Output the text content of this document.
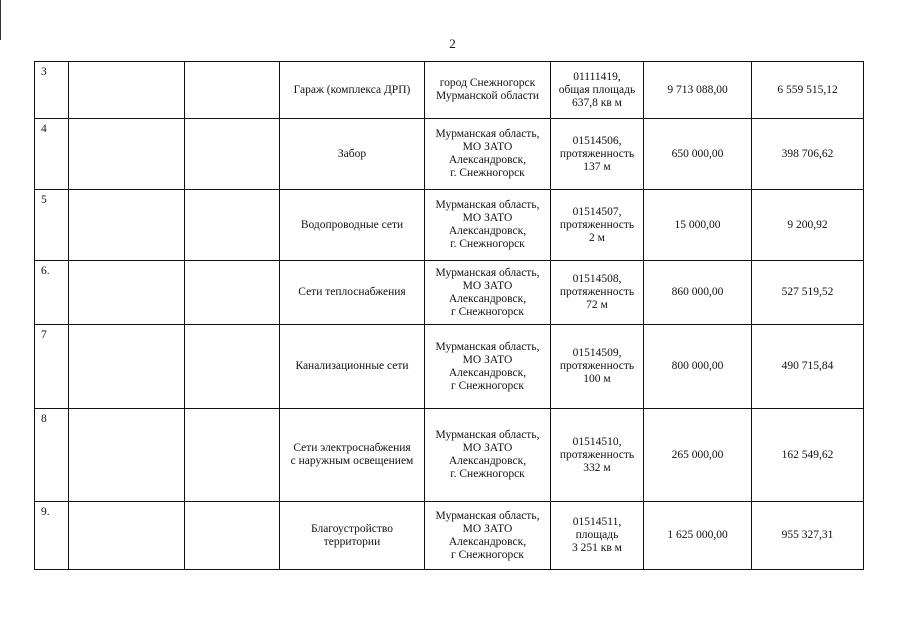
2
3			Гараж (комплекса ДРП)	город Снежногорск
Мурманской области	01111419,
общая площадь
637,8 кв м	9 713 088,00	6 559 515,12
4			Забор	Мурманская область,
МО ЗАТО
Александровск,
г. Снежногорск	01514506,
протяженность
137 м	650 000,00	398 706,62
5			Водопроводные сети	Мурманская область,
МО ЗАТО
Александровск,
г. Снежногорск	01514507,
протяженность
2 м	15 000,00	9 200,92
6.			Сети теплоснабжения	Мурманская область,
МО ЗАТО
Александровск,
г Снежногорск	01514508,
протяженность
72 м	860 000,00	527 519,52
7			Канализационные сети	Мурманская область,
МО ЗАТО
Александровск,
г Снежногорск	01514509,
протяженность
100 м	800 000,00	490 715,84
8			Сети электроснабжения
с наружным освещением	Мурманская область,
МО ЗАТО
Александровск,
г. Снежногорск	01514510,
протяженность
332 м	265 000,00	162 549,62
9.			Благоустройство
территории	Мурманская область,
МО ЗАТО
Александровск,
г Снежногорск	01514511,
площадь
3 251 кв м	1 625 000,00	955 327,31
